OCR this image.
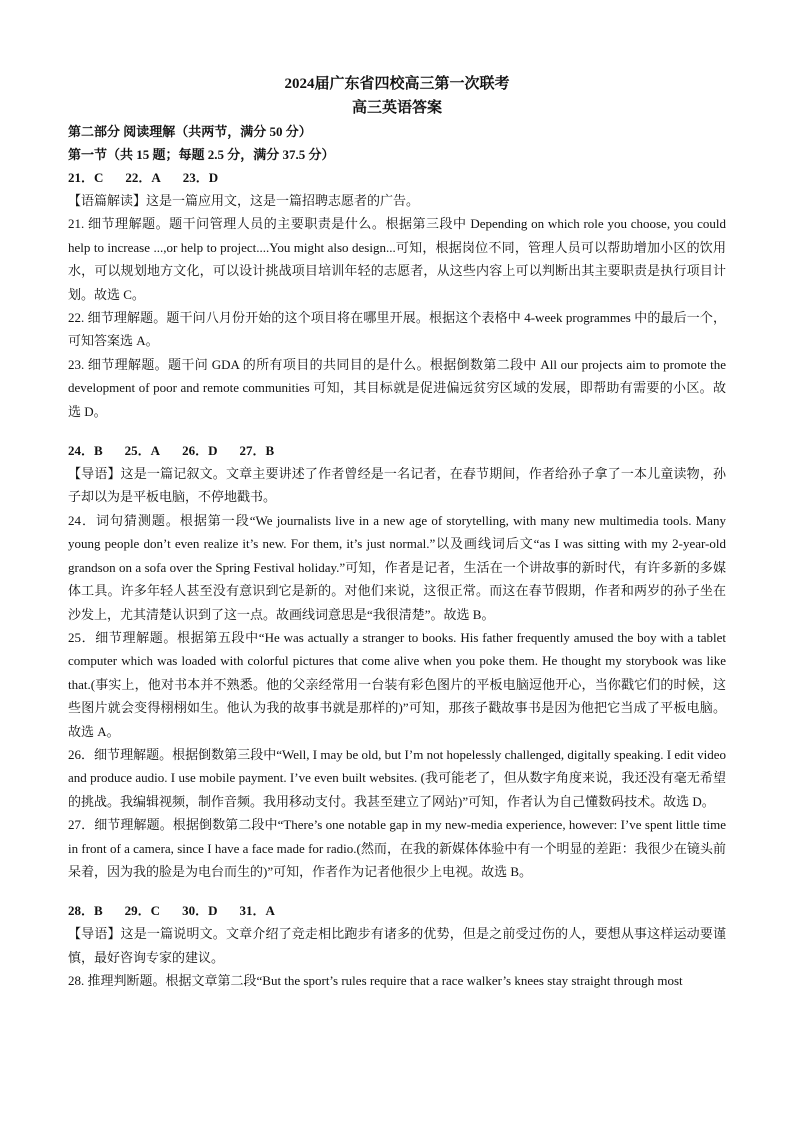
2024届广东省四校高三第一次联考

高三英语答案

第二部分 阅读理解（共两节，满分 50 分）

第一节（共 15 题；每题 2.5 分，满分 37.5 分）

21．C 22．A 23．D

【语篇解读】这是一篇应用文，这是一篇招聘志愿者的广告。

21. 细节理解题。题干问管理人员的主要职责是什么。根据第三段中 Depending on which role you choose, you could help to increase ...,or help to project....You might also design...可知，根据岗位不同，管理人员可以帮助增加小区的饮用水，可以规划地方文化，可以设计挑战项目培训年轻的志愿者，从这些内容上可以判断出其主要职责是执行项目计划。故选 C。

22. 细节理解题。题干问八月份开始的这个项目将在哪里开展。根据这个表格中 4-week programmes 中的最后一个，可知答案选 A。

23. 细节理解题。题干问 GDA 的所有项目的共同目的是什么。根据倒数第二段中 All our projects aim to promote the development of poor and remote communities 可知，其目标就是促进偏远贫穷区域的发展，即帮助有需要的小区。故选 D。

24．B 25．A 26．D 27．B

【导语】这是一篇记叙文。文章主要讲述了作者曾经是一名记者，在春节期间，作者给孙子拿了一本儿童读物，孙子却以为是平板电脑，不停地戳书。

24．词句猜测题。根据第一段“We journalists live in a new age of storytelling, with many new multimedia tools. Many young people don’t even realize it’s new. For them, it’s just normal.”以及画线词后文“as I was sitting with my 2-year-old grandson on a sofa over the Spring Festival holiday.”可知，作者是记者，生活在一个讲故事的新时代，有许多新的多媒体工具。许多年轻人甚至没有意识到它是新的。对他们来说，这很正常。而这在春节假期，作者和两岁的孙子坐在沙发上，尤其清楚认识到了这一点。故画线词意思是“我很清楚”。故选 B。

25．细节理解题。根据第五段中“He was actually a stranger to books. His father frequently amused the boy with a tablet computer which was loaded with colorful pictures that come alive when you poke them. He thought my storybook was like that.(事实上，他对书本并不熟悉。他的父亲经常用一台装有彩色图片的平板电脑逗他开心，当你戳它们的时候，这些图片就会变得栩栩如生。他认为我的故事书就是那样的)”可知，那孩子戳故事书是因为他把它当成了平板电脑。故选 A。

26．细节理解题。根据倒数第三段中“Well, I may be old, but I’m not hopelessly challenged, digitally speaking. I edit video and produce audio. I use mobile payment. I’ve even built websites. (我可能老了，但从数字角度来说，我还没有毫无希望的挑战。我编辑视频，制作音频。我用移动支付。我甚至建立了网站)”可知，作者认为自己懂数码技术。故选 D。

27．细节理解题。根据倒数第二段中“There’s one notable gap in my new-media experience, however: I’ve spent little time in front of a camera, since I have a face made for radio.(然而，在我的新媒体体验中有一个明显的差距：我很少在镜头前呆着，因为我的脸是为电台而生的)”可知，作者作为记者他很少上电视。故选 B。

28．B 29．C 30．D 31．A

【导语】这是一篇说明文。文章介绍了竞走相比跑步有诸多的优势，但是之前受过伤的人，要想从事这样运动要谨慎，最好咨询专家的建议。

28. 推理判断题。根据文章第二段“But the sport’s rules require that a race walker’s knees stay straight through most
